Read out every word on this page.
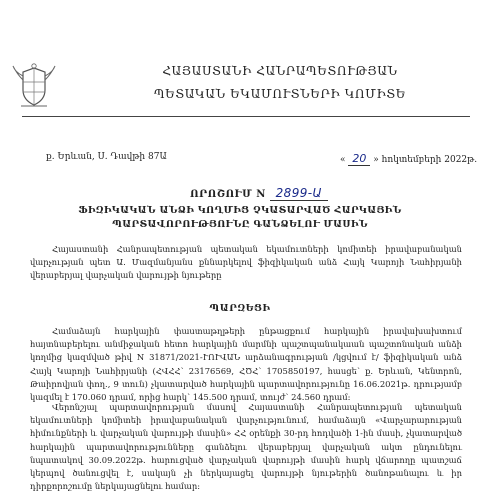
ՀԱՅԱՍՏԱՆԻ ՀԱՆՐԱՊԵՏՈՒԹՅԱՆ
ՊԵՏԱԿԱՆ ԵԿԱՄՈՒՏՆԵՐԻ ԿՈՄԻՏԵ
ք. Երևան, Ս. Դավթի 87Ա	« 20 » հոկտեմբերի 2022թ.
ՈՐՈՇՈՒՄ N 2899-Ա
ՖԻԶԻԿԱԿԱՆ ԱՆՁԻ ԿՈՂՄԻՑ ՉԿԱՏԱՐՎԱԾ ՀԱՐԿԱՅԻՆ
ՊԱՐՏԱՎՈՐՈՒԹՅՈՒՆԸ ԳԱՆՁԵԼՈՒ ՄԱՍԻՆ
Հայաստանի Հանրապետության պետական եկամուտների կոմիտեի իրավաբանական վարչության պետ Ա. Մազմանյանս քննարկելով ֆիզիկական անձ Հայկ Կարոյի Նահիրյանի վերաբերյալ վարչական վարույթի նյութերը
ՊԱՐԶԵՑԻ
Համաձայն հարկային փաստաթղթերի ընթացքում հարկային իրավախախտում հայտնաբերելու անմիջական հետո հարկային մարմնի պաշտպանակաան պաշտոնական անձի կողմից կազմված թիվ N 31871/2021-ՒՈՒՎԱՆ արձանագրության /կցվում է/ ֆիզիկական անձ Հայկ Կարոյի Նահիրյանի (ՀՎՀՀ՝ 23176569, ՀԾՀ՝ 1705850197, հասցե՝ ք. Երևան, Կենտրոն, Թաիրովյան փող., 9 տուն) չկատարված հարկային պարտավորությունը 16.06.2021թ. դրությամբ կազմել է 170.060 դրամ, որից հարկ՝ 145.500 դրամ, տույժ՝ 24.560 դրամ:
Վերոնշյալ պարտավորության մասով Հայաստանի Հանրապետության պետական եկամուտների կոմիտեի իրավաբանական վարչությունում, համաձայն «Վարչարարության հիմունքների և վարչական վարույթի մասին» ՀՀ օրենքի 30-րդ հոդվածի 1-ին մասի, չկատարված հարկային պարտավորությունները գանձելու վերաբերյալ վարչական ակտ ընդունելու նպատակով 30.09.2022թ. հարուցված վարչական վարույթի մասին հարկ վճարողը պատշաճ կերպով ծանուցվել է, սակայն չի ներկայացել վարույթի նյութերին ծանոթանալու և իր դիրքորոշումը ներկայացնելու համար:
